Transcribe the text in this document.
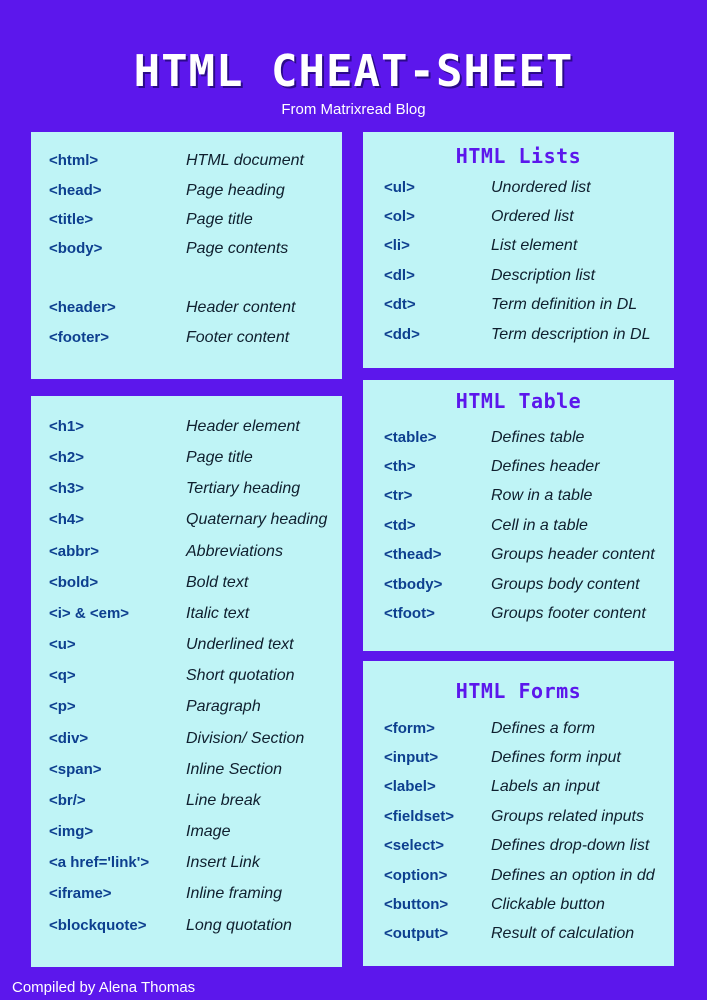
HTML CHEAT-SHEET
From Matrixread Blog
<html>	HTML document
<head>	Page heading
<title>	Page title
<body>	Page contents
<header>	Header content
<footer>	Footer content
<h1>	Header element
<h2>	Page title
<h3>	Tertiary heading
<h4>	Quaternary heading
<abbr>	Abbreviations
<bold>	Bold text
<i> & <em>	Italic text
<u>	Underlined text
<q>	Short quotation
<p>	Paragraph
<div>	Division/ Section
<span>	Inline Section
<br/>	Line break
<img>	Image
<a href='link'> Insert Link
<iframe>	Inline framing
<blockquote> Long quotation
HTML Lists
<ul>	Unordered list
<ol>	Ordered list
<li>	List element
<dl>	Description list
<dt>	Term definition in DL
<dd>	Term description in DL
HTML Table
<table>	Defines table
<th>	Defines header
<tr>	Row in a table
<td>	Cell in a table
<thead>	Groups header content
<tbody>	Groups body content
<tfoot>	Groups footer content
HTML Forms
<form>	Defines a form
<input>	Defines form input
<label>	Labels an input
<fieldset> Groups related inputs
<select>	Defines drop-down list
<option>	Defines an option in dd
<button>	Clickable button
<output>	Result of calculation
Compiled by Alena Thomas
